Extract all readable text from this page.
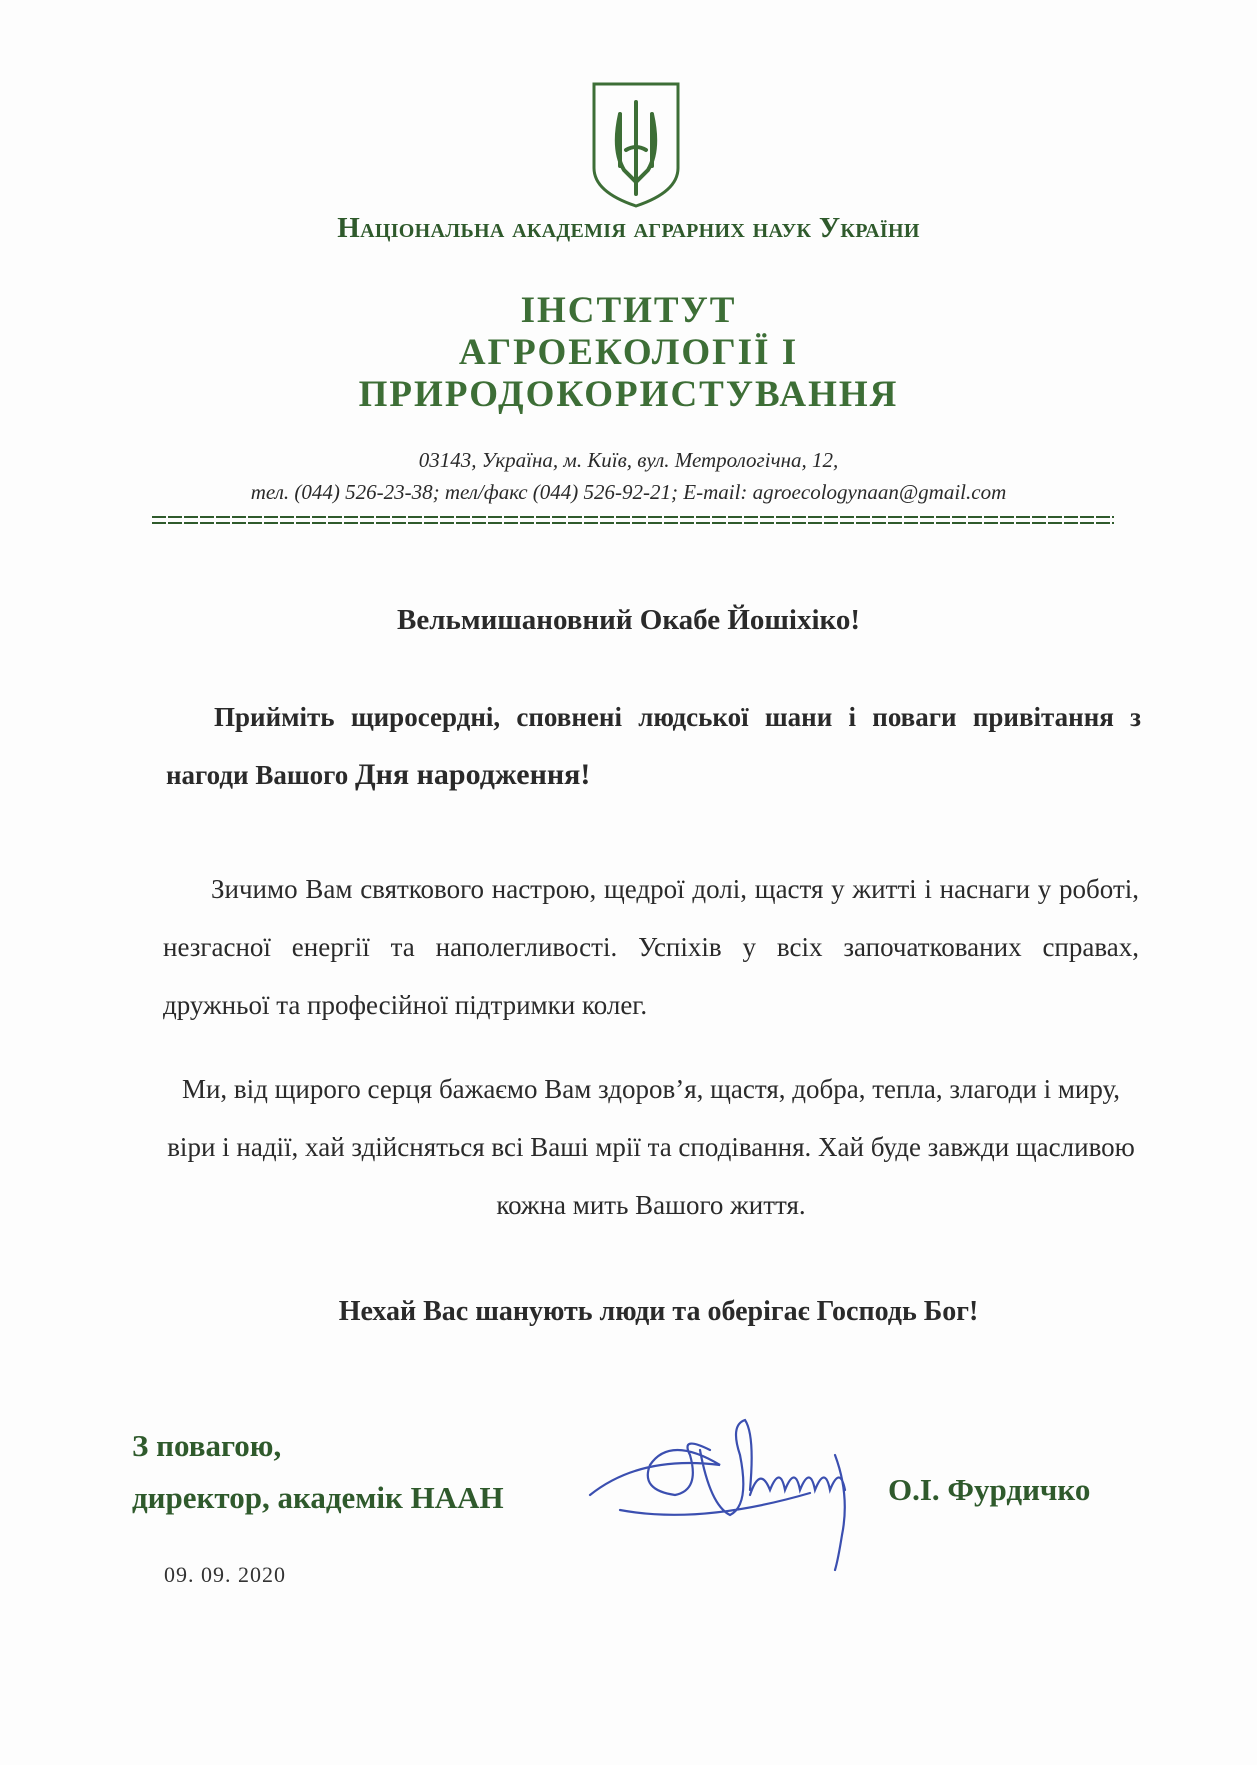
Національна академія аграрних наук України
ІНСТИТУТ
АГРОЕКОЛОГІЇ І
ПРИРОДОКОРИСТУВАННЯ
03143, Україна, м. Київ, вул. Метрологічна, 12,
тел. (044) 526-23-38; тел/факс (044) 526-92-21; E-mail: agroecologynaan@gmail.com
Вельмишановний Окабе Йошіхіко!
Прийміть щиросердні, сповнені людської шани і поваги привітання з нагоди Вашого Дня народження!
Зичимо Вам святкового настрою, щедрої долі, щастя у житті і наснаги у роботі, незгасної енергії та наполегливості. Успіхів у всіх започаткованих справах, дружньої та професійної підтримки колег.
Ми, від щирого серця бажаємо Вам здоров’я, щастя, добра, тепла, злагоди і миру, віри і надії, хай здійсняться всі Ваші мрії та сподівання. Хай буде завжди щасливою кожна мить Вашого життя.
Нехай Вас шанують люди та оберігає Господь Бог!
З повагою,
директор, академік НААН	О.І. Фурдичко
09. 09. 2020
